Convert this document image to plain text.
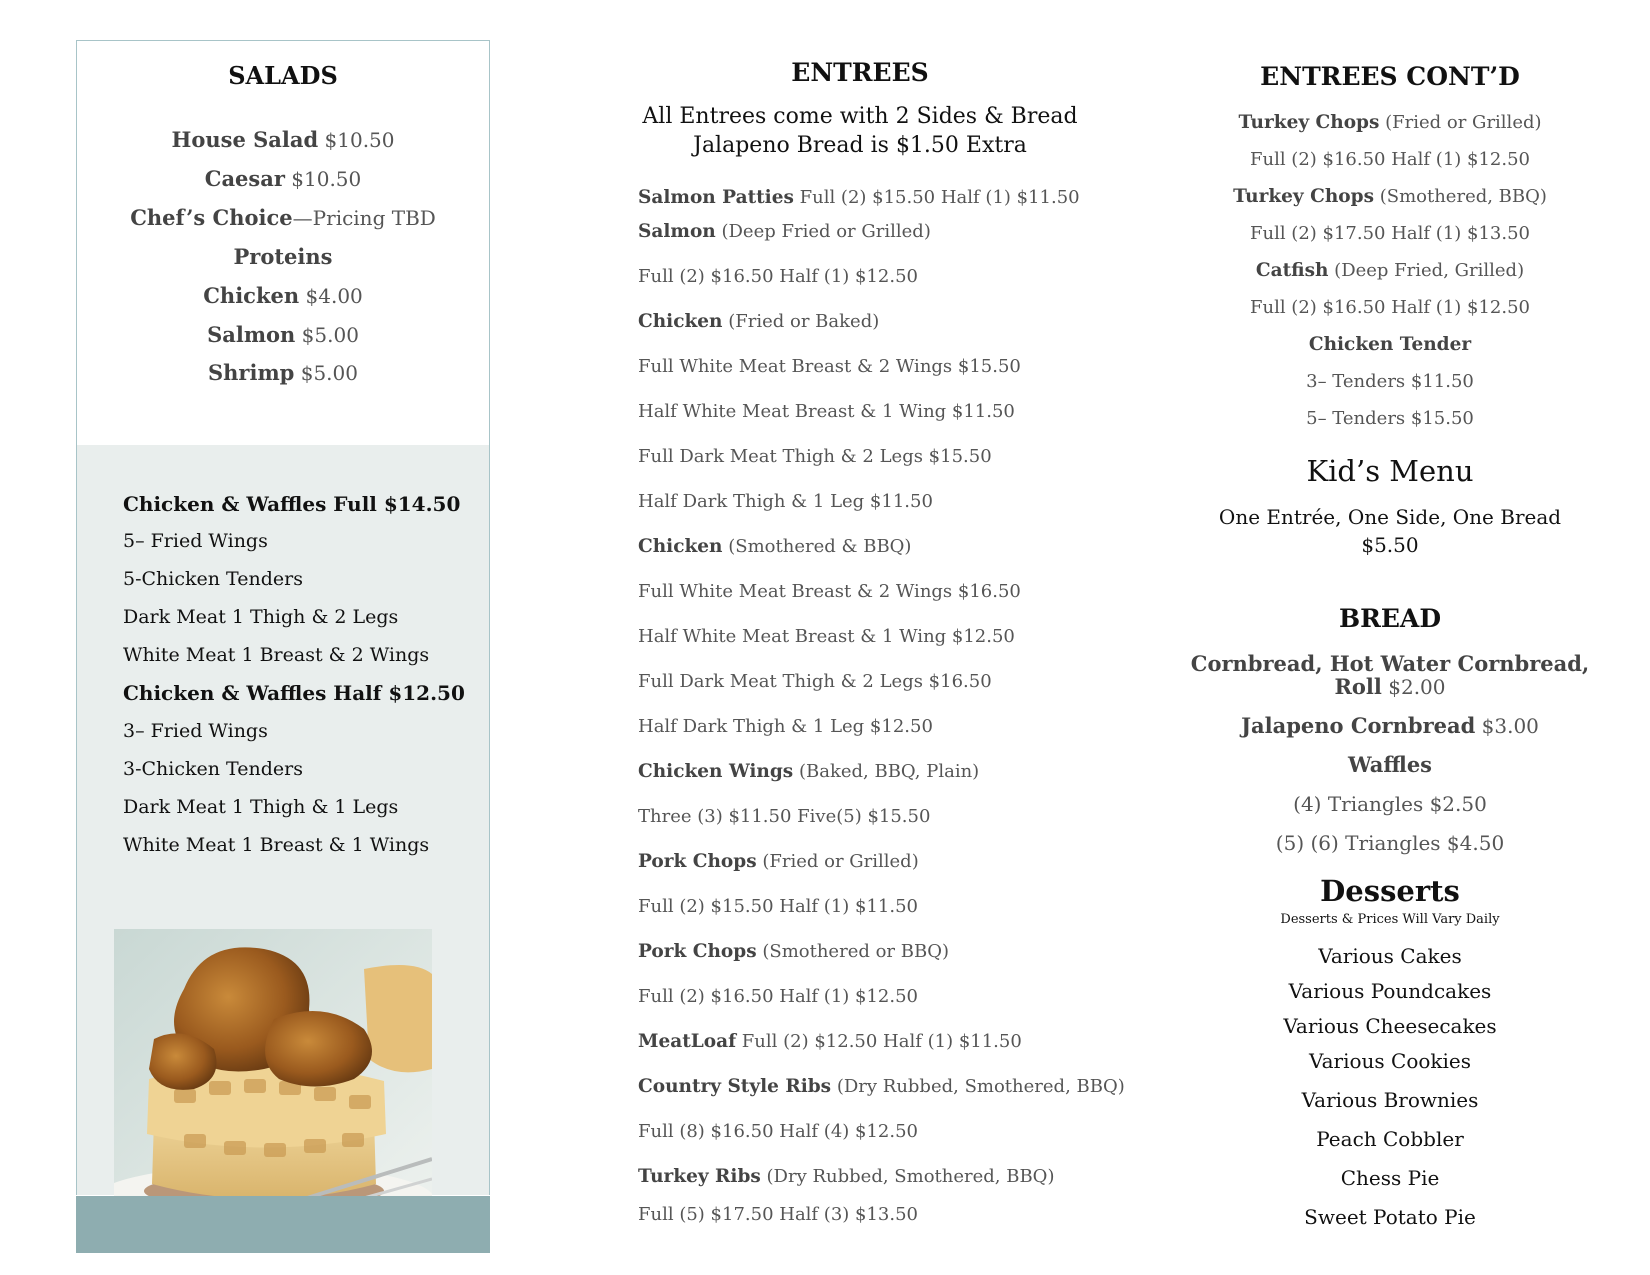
SALADS
House Salad $10.50
Caesar $10.50
Chef’s Choice—Pricing TBD
Proteins
Chicken $4.00
Salmon $5.00
Shrimp $5.00
Chicken & Waffles Full $14.50
5– Fried Wings
5-Chicken Tenders
Dark Meat 1 Thigh & 2 Legs
White Meat 1 Breast & 2 Wings
Chicken & Waffles Half $12.50
3– Fried Wings
3-Chicken Tenders
Dark Meat 1 Thigh & 1 Legs
White Meat 1 Breast & 1 Wings
ENTREES
All Entrees come with 2 Sides & Bread
Jalapeno Bread is $1.50 Extra
Salmon Patties Full (2) $15.50 Half (1) $11.50
Salmon (Deep Fried or Grilled)
Full (2) $16.50 Half (1) $12.50
Chicken (Fried or Baked)
Full White Meat Breast & 2 Wings $15.50
Half White Meat Breast & 1 Wing $11.50
Full Dark Meat Thigh & 2 Legs $15.50
Half Dark Thigh & 1 Leg $11.50
Chicken (Smothered & BBQ)
Full White Meat Breast & 2 Wings $16.50
Half White Meat Breast & 1 Wing $12.50
Full Dark Meat Thigh & 2 Legs $16.50
Half Dark Thigh & 1 Leg $12.50
Chicken Wings (Baked, BBQ, Plain)
Three (3) $11.50 Five(5) $15.50
Pork Chops (Fried or Grilled)
Full (2) $15.50 Half (1) $11.50
Pork Chops (Smothered or BBQ)
Full (2) $16.50 Half (1) $12.50
MeatLoaf Full (2) $12.50 Half (1) $11.50
Country Style Ribs (Dry Rubbed, Smothered, BBQ)
Full (8) $16.50 Half (4) $12.50
Turkey Ribs (Dry Rubbed, Smothered, BBQ)
Full (5) $17.50 Half (3) $13.50
ENTREES CONT’D
Turkey Chops (Fried or Grilled)
Full (2) $16.50 Half (1) $12.50
Turkey Chops (Smothered, BBQ)
Full (2) $17.50 Half (1) $13.50
Catfish (Deep Fried, Grilled)
Full (2) $16.50 Half (1) $12.50
Chicken Tender
3– Tenders $11.50
5– Tenders $15.50
Kid’s Menu
One Entrée, One Side, One Bread
$5.50
BREAD
Cornbread, Hot Water Cornbread,
Roll $2.00
Jalapeno Cornbread $3.00
Waffles
(4) Triangles $2.50
(5) (6) Triangles $4.50
Desserts
Desserts & Prices Will Vary Daily
Various Cakes
Various Poundcakes
Various Cheesecakes
Various Cookies
Various Brownies
Peach Cobbler
Chess Pie
Sweet Potato Pie
